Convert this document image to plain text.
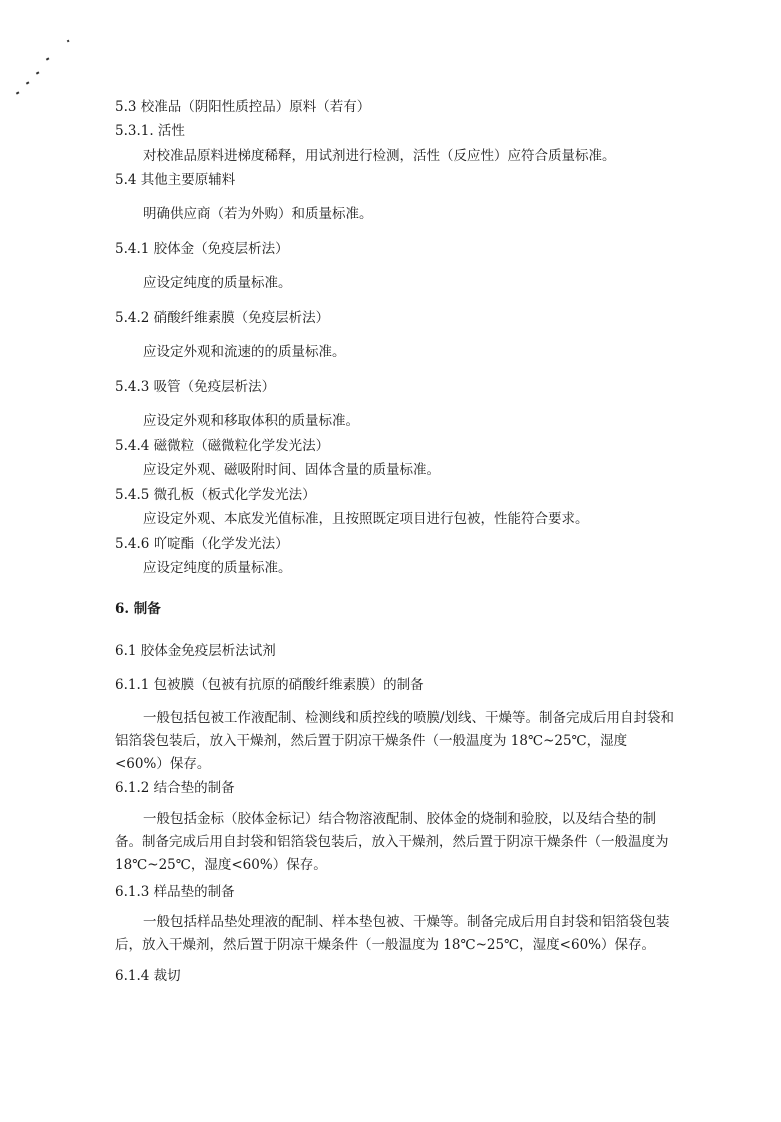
5.3 校准品（阴阳性质控品）原料（若有）
5.3.1. 活性
对校准品原料进梯度稀释，用试剂进行检测，活性（反应性）应符合质量标准。
5.4 其他主要原辅料
明确供应商（若为外购）和质量标准。
5.4.1 胶体金（免疫层析法）
应设定纯度的质量标准。
5.4.2 硝酸纤维素膜（免疫层析法）
应设定外观和流速的的质量标准。
5.4.3 吸管（免疫层析法）
应设定外观和移取体积的质量标准。
5.4.4 磁微粒（磁微粒化学发光法）
应设定外观、磁吸附时间、固体含量的质量标准。
5.4.5 微孔板（板式化学发光法）
应设定外观、本底发光值标准，且按照既定项目进行包被，性能符合要求。
5.4.6 吖啶酯（化学发光法）
应设定纯度的质量标准。
6. 制备
6.1 胶体金免疫层析法试剂
6.1.1 包被膜（包被有抗原的硝酸纤维素膜）的制备
一般包括包被工作液配制、检测线和质控线的喷膜/划线、干燥等。制备完成后用自封袋和铝箔袋包装后，放入干燥剂，然后置于阴凉干燥条件（一般温度为 18℃~25℃，湿度<60%）保存。
6.1.2 结合垫的制备
一般包括金标（胶体金标记）结合物溶液配制、胶体金的烧制和验胶，以及结合垫的制备。制备完成后用自封袋和铝箔袋包装后，放入干燥剂，然后置于阴凉干燥条件（一般温度为 18℃~25℃，湿度<60%）保存。
6.1.3 样品垫的制备
一般包括样品垫处理液的配制、样本垫包被、干燥等。制备完成后用自封袋和铝箔袋包装后，放入干燥剂，然后置于阴凉干燥条件（一般温度为 18℃~25℃，湿度<60%）保存。
6.1.4 裁切
